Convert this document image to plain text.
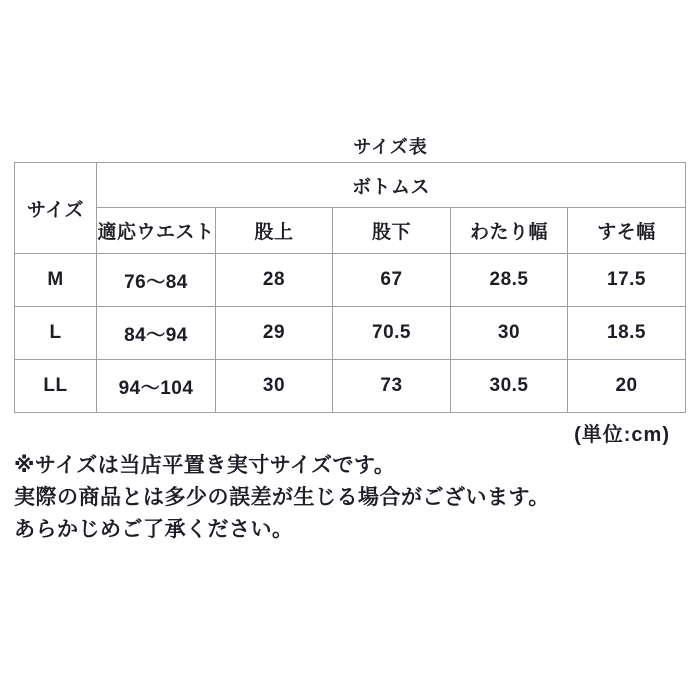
サイズ表
サイズ	ボトムス				
	適応ウエスト	股上	股下	わたり幅	すそ幅
M	76〜84	28	67	28.5	17.5
L	84〜94	29	70.5	30	18.5
LL	94〜104	30	73	30.5	20
(単位:cm)
※サイズは当店平置き実寸サイズです。
実際の商品とは多少の誤差が生じる場合がございます。
あらかじめご了承ください。
